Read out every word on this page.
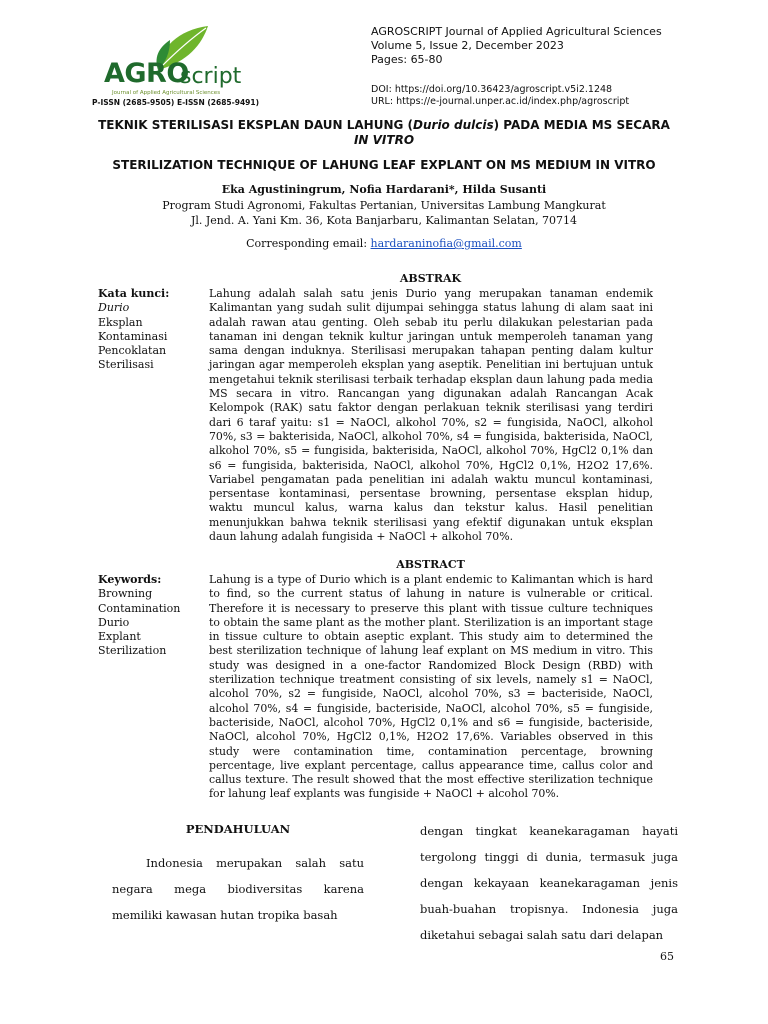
AGRO
script
Journal of Applied Agricultural Sciences
P-ISSN (2685-9505) E-ISSN (2685-9491)
AGROSCRIPT Journal of Applied Agricultural Sciences
Volume 5, Issue 2, December 2023
Pages: 65-80
DOI: https://doi.org/10.36423/agroscript.v5i2.1248
URL: https://e-journal.unper.ac.id/index.php/agroscript
TEKNIK STERILISASI EKSPLAN DAUN LAHUNG (Durio dulcis) PADA MEDIA MS SECARA
IN VITRO
STERILIZATION TECHNIQUE OF LAHUNG LEAF EXPLANT ON MS MEDIUM IN VITRO
Eka Agustiningrum, Nofia Hardarani*, Hilda Susanti
Program Studi Agronomi, Fakultas Pertanian, Universitas Lambung Mangkurat
Jl. Jend. A. Yani Km. 36, Kota Banjarbaru, Kalimantan Selatan, 70714
Corresponding email: hardaraninofia@gmail.com
ABSTRAK
Kata kunci:
Durio
Eksplan
Kontaminasi
Pencoklatan
Sterilisasi

Lahung adalah salah satu jenis Durio yang merupakan tanaman endemik Kalimantan yang sudah sulit dijumpai sehingga status lahung di alam saat ini adalah rawan atau genting. Oleh sebab itu perlu dilakukan pelestarian pada tanaman ini dengan teknik kultur jaringan untuk memperoleh tanaman yang sama dengan induknya. Sterilisasi merupakan tahapan penting dalam kultur jaringan agar memperoleh eksplan yang aseptik. Penelitian ini bertujuan untuk mengetahui teknik sterilisasi terbaik terhadap eksplan daun lahung pada media MS secara in vitro. Rancangan yang digunakan adalah Rancangan Acak Kelompok (RAK) satu faktor dengan perlakuan teknik sterilisasi yang terdiri dari 6 taraf yaitu: s1 = NaOCl, alkohol 70%, s2 = fungisida, NaOCl, alkohol 70%, s3 = bakterisida, NaOCl, alkohol 70%, s4 = fungisida, bakterisida, NaOCl, alkohol 70%, s5 = fungisida, bakterisida, NaOCl, alkohol 70%, HgCl2 0,1% dan s6 = fungisida, bakterisida, NaOCl, alkohol 70%, HgCl2 0,1%, H2O2 17,6%. Variabel pengamatan pada penelitian ini adalah waktu muncul kontaminasi, persentase kontaminasi, persentase browning, persentase eksplan hidup, waktu muncul kalus, warna kalus dan tekstur kalus. Hasil penelitian menunjukkan bahwa teknik sterilisasi yang efektif digunakan untuk eksplan daun lahung adalah fungisida + NaOCl + alkohol 70%.

ABSTRACT
Keywords:
Browning
Contamination
Durio
Explant
Sterilization

Lahung is a type of Durio which is a plant endemic to Kalimantan which is hard to find, so the current status of lahung in nature is vulnerable or critical. Therefore it is necessary to preserve this plant with tissue culture techniques to obtain the same plant as the mother plant. Sterilization is an important stage in tissue culture to obtain aseptic explant. This study aim to determined the best sterilization technique of lahung leaf explant on MS medium in vitro. This study was designed in a one-factor Randomized Block Design (RBD) with sterilization technique treatment consisting of six levels, namely s1 = NaOCl, alcohol 70%, s2 = fungiside, NaOCl, alcohol 70%, s3 = bacteriside, NaOCl, alcohol 70%, s4 = fungiside, bacteriside, NaOCl, alcohol 70%, s5 = fungiside, bacteriside, NaOCl, alcohol 70%, HgCl2 0,1% and s6 = fungiside, bacteriside, NaOCl, alcohol 70%, HgCl2 0,1%, H2O2 17,6%. Variables observed in this study were contamination time, contamination percentage, browning percentage, live explant percentage, callus appearance time, callus color and callus texture. The result showed that the most effective sterilization technique for lahung leaf explants was fungiside + NaOCl + alcohol 70%.

PENDAHULUAN
Indonesia merupakan salah satu negara mega biodiversitas karena memiliki kawasan hutan tropika basah
dengan tingkat keanekaragaman hayati tergolong tinggi di dunia, termasuk juga dengan kekayaan keanekaragaman jenis buah-buahan tropisnya. Indonesia juga diketahui sebagai salah satu dari delapan
65
